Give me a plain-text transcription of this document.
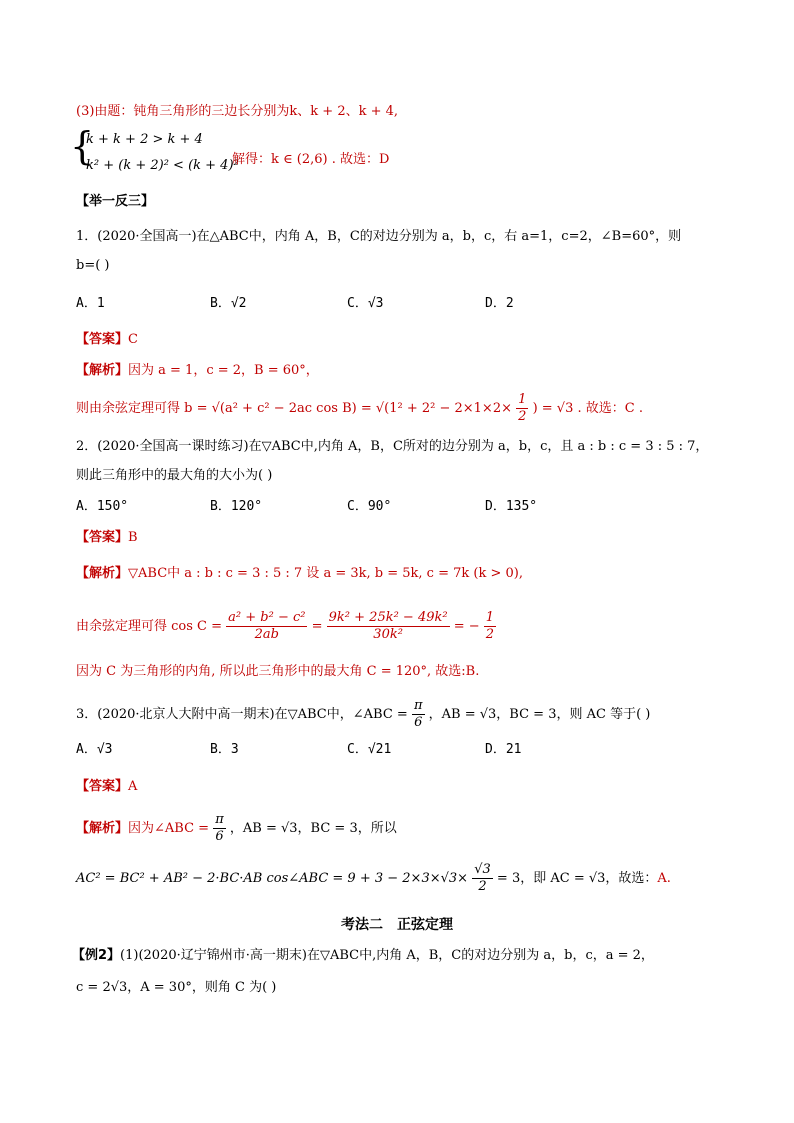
(3)由题：钝角三角形的三边长分别为k、k + 2、k + 4,
{
k + k + 2 > k + 4
k² + (k + 2)² < (k + 4)²
解得：k ∈ (2,6) . 故选：D
【举一反三】
1．(2020·全国高一)在△ABC中，内角 A，B，C的对边分别为 a，b，c，右 a=1，c=2，∠B=60°，则
b=( )
A．1	B．√2	C．√3	D．2
【答案】C
【解析】因为 a = 1，c = 2，B = 60°，
则由余弦定理可得 b = √(a² + c² − 2ac $\cos B) = √(1^2 + 2^2 - 2\times 1\times 2\times \frac{1}{2}$ ) = √3 . 故选：C .
2．(2020·全国高一课时练习)在▽ABC中,内角 A，B，C所对的边分别为 a，b，c，且 a : b : c = 3 : 5 : 7，
则此三角形中的最大角的大小为( )
A．150°	B．120°	C．90°	D．135°
【答案】B
【解析】▽ABC中 a : b : c = 3 : 5 : 7 设 a = 3k, b = 5k, c = 7k (k > 0),
由余弦定理可得 $\cos C = \frac{\text{a² + b² − c²}}{2ab} = \frac{\text{9k² + 25k² − 49k²}}{\text{30k²}}$ = − $\frac{1}{2}$
因为 C 为三角形的内角, 所以此三角形中的最大角 C = 120°, 故选:B.
3．(2020·北京人大附中高一期末)在▽ABC中，∠ABC = $\frac{\pi}{6}$ ，AB = √3，BC = 3，则 AC 等于( )
A．√3	B．3	C．√21	D．21
【答案】A
【解析】因为∠ABC = $\frac{\pi}{6}$ ，AB = √3，BC = 3，所以
AC² = BC² + AB² − 2·BC·AB cos∠ABC = $9 + 3 - 2\times 3\times√3\times \frac{√3}{2} = 3$，即 AC = √3，故选：A.
考法二　正弦定理
【例2】(1)(2020·辽宁锦州市·高一期末)在▽ABC中,内角 A，B，C的对边分别为 a，b，c，a = 2，
c = 2√3，A = 30°，则角 C 为( )
